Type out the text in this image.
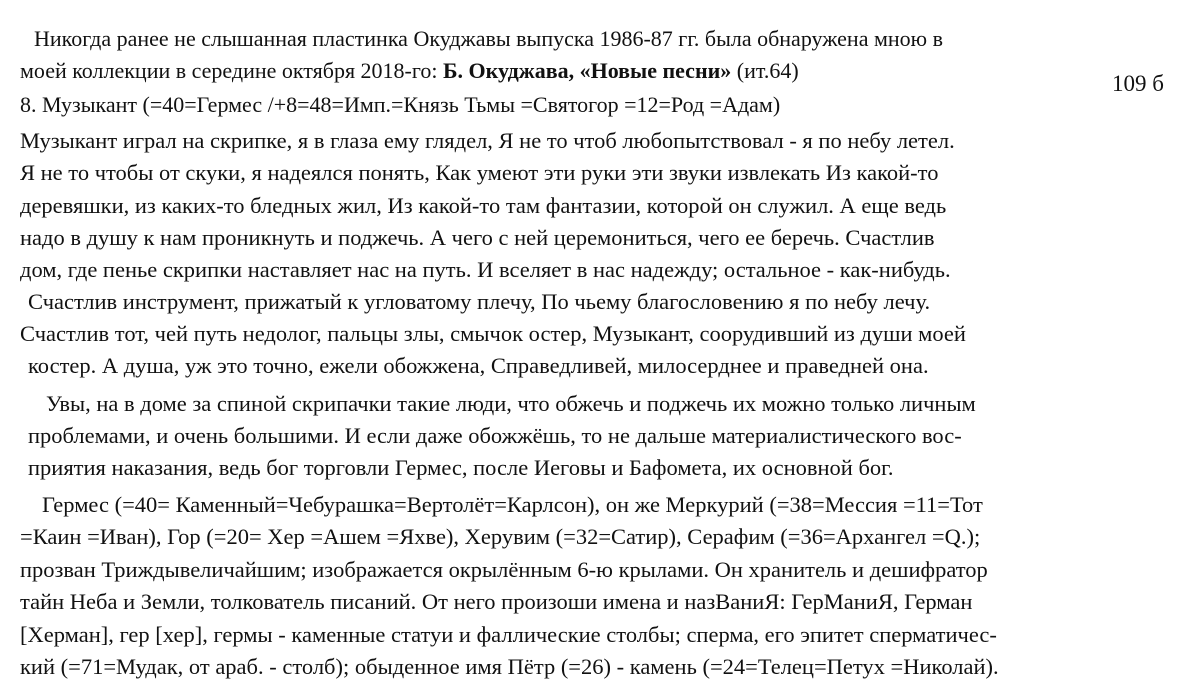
Никогда ранее не слышанная пластинка Окуджавы выпуска 1986-87 гг. была обнаружена мною в
моей коллекции в середине октября 2018-го: Б. Окуджава, «Новые песни» (ит.64)
109 б
8. Музыкант (=40=Гермес /+8=48=Имп.=Князь Тьмы =Святогор =12=Род =Адам)
Музыкант играл на скрипке, я в глаза ему глядел, Я не то чтоб любопытствовал - я по небу летел.
Я не то чтобы от скуки, я надеялся понять, Как умеют эти руки эти звуки извлекать Из какой-то
деревяшки, из каких-то бледных жил, Из какой-то там фантазии, которой он служил. А еще ведь
надо в душу к нам проникнуть и поджечь. А чего с ней церемониться, чего ее беречь. Счастлив
дом, где пенье скрипки наставляет нас на путь. И вселяет в нас надежду; остальное - как-нибудь.
Счастлив инструмент, прижатый к угловатому плечу, По чьему благословению я по небу лечу.
Счастлив тот, чей путь недолог, пальцы злы, смычок остер, Музыкант, соорудивший из души моей
костер. А душа, уж это точно, ежели обожжена, Справедливей, милосерднее и праведней она.
Увы, на в доме за спиной скрипачки такие люди, что обжечь и поджечь их можно только личным
проблемами, и очень большими. И если даже обожжёшь, то не дальше материалистического вос-
приятия наказания, ведь бог торговли Гермес, после Иеговы и Бафомета, их основной бог.
Гермес (=40= Каменный=Чебурашка=Вертолёт=Карлсон), он же Меркурий (=38=Мессия =11=Тот
=Каин =Иван), Гор (=20= Хер =Ашем =Яхве), Херувим (=32=Сатир), Серафим (=36=Архангел =Q.);
прозван Триждывеличайшим; изображается окрылённым 6-ю крылами. Он хранитель и дешифратор
тайн Неба и Земли, толкователь писаний. От него произоши имена и назВаниЯ: ГерМаниЯ, Герман
[Херман], гер [хер], гермы - каменные статуи и фаллические столбы; сперма, его эпитет сперматичес-
кий (=71=Мудак, от араб. - столб); обыденное имя Пётр (=26) - камень (=24=Телец=Петух =Николай).
